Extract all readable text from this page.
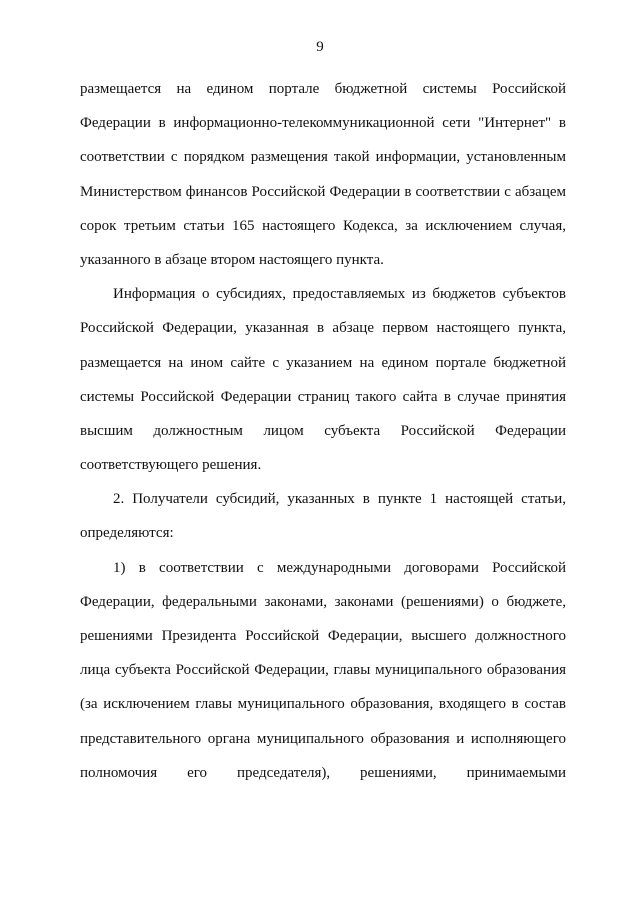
9
размещается на едином портале бюджетной системы Российской
Федерации в информационно-телекоммуникационной сети "Интернет" в
соответствии с порядком размещения такой информации, установленным
Министерством финансов Российской Федерации в соответствии с абзацем
сорок третьим статьи 165 настоящего Кодекса, за исключением случая,
указанного в абзаце втором настоящего пункта.
Информация о субсидиях, предоставляемых из бюджетов субъектов
Российской Федерации, указанная в абзаце первом настоящего пункта,
размещается на ином сайте с указанием на едином портале бюджетной
системы Российской Федерации страниц такого сайта в случае принятия
высшим должностным лицом субъекта Российской Федерации
соответствующего решения.
2. Получатели субсидий, указанных в пункте 1 настоящей статьи,
определяются:
1) в соответствии с международными договорами Российской
Федерации, федеральными законами, законами (решениями) о бюджете,
решениями Президента Российской Федерации, высшего должностного
лица субъекта Российской Федерации, главы муниципального образования
(за исключением главы муниципального образования, входящего в состав
представительного органа муниципального образования и исполняющего
полномочия его председателя), решениями, принимаемыми
